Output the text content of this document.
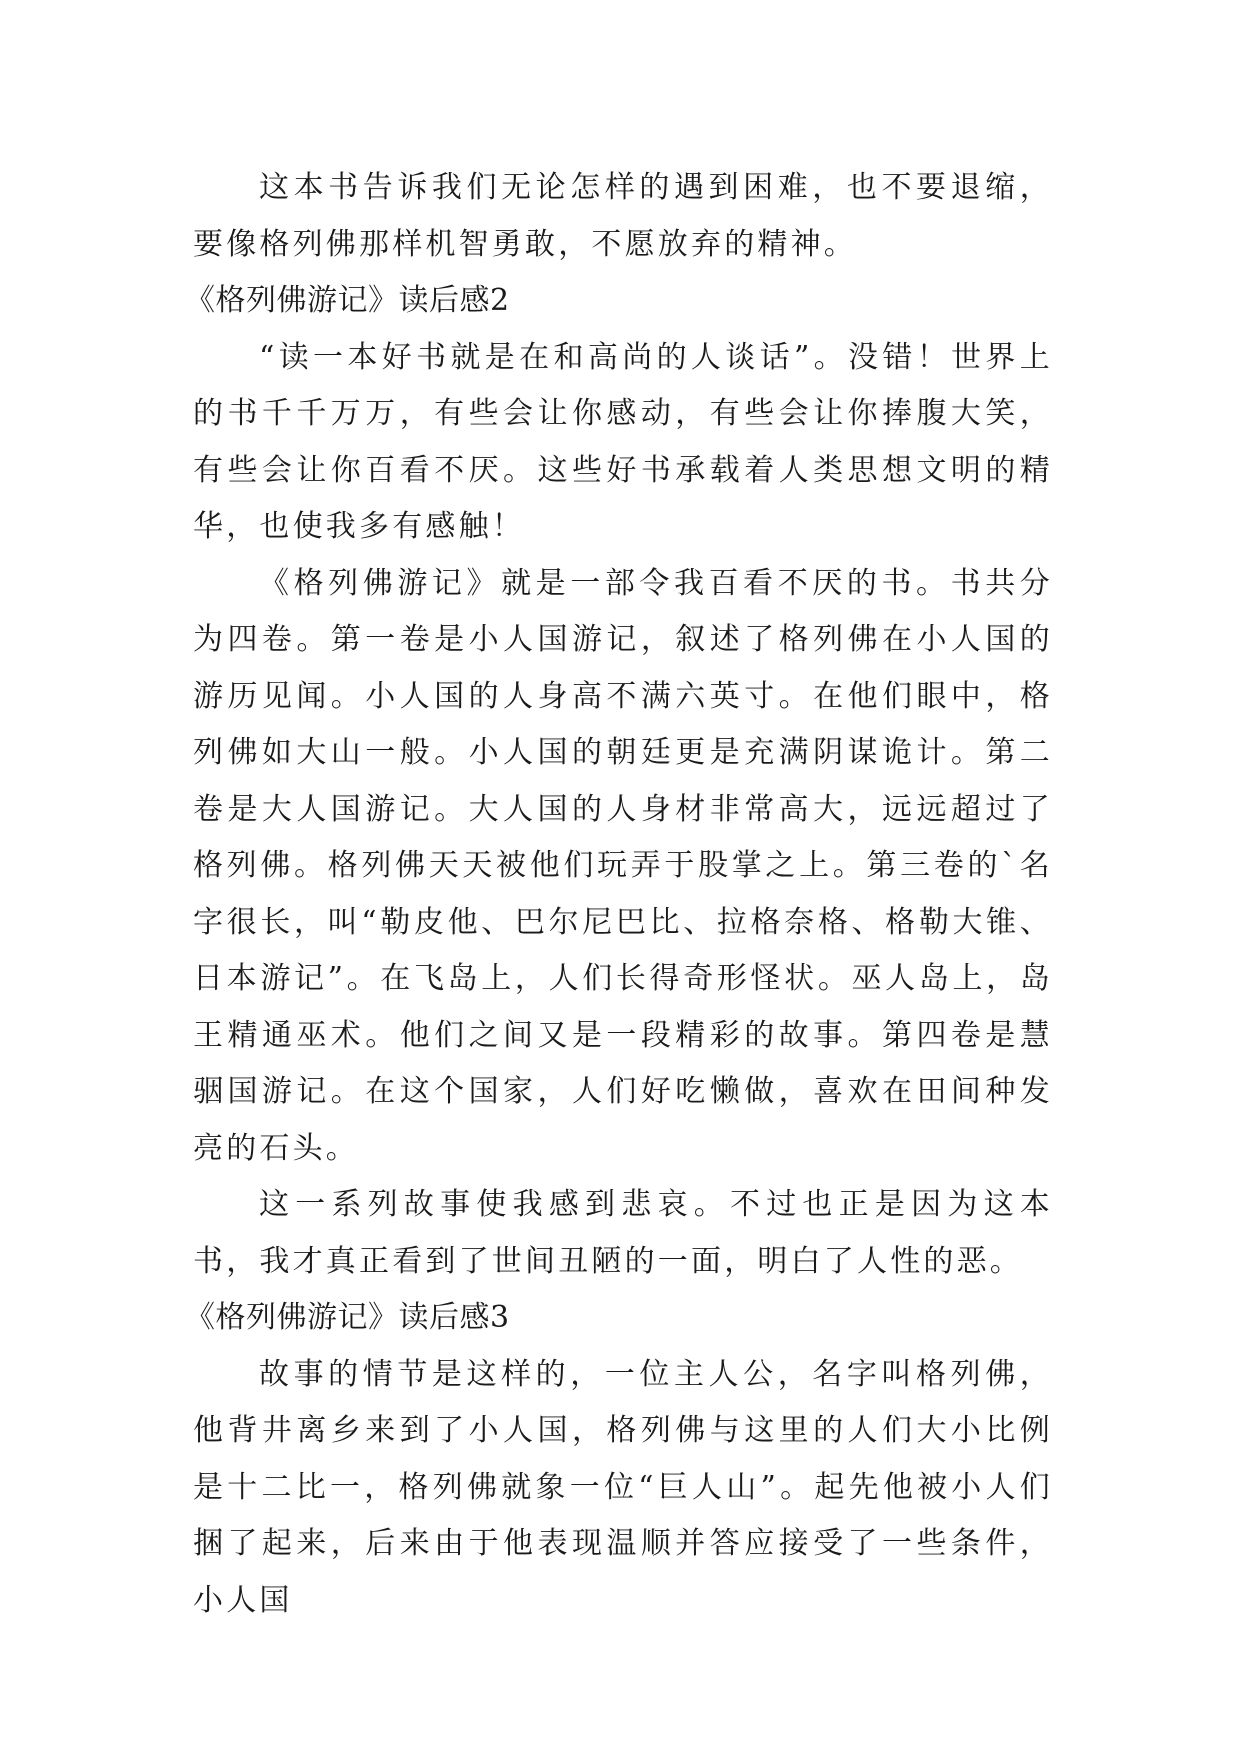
这本书告诉我们无论怎样的遇到困难，也不要退缩，要像格列佛那样机智勇敢，不愿放弃的精神。

《格列佛游记》读后感2

“读一本好书就是在和高尚的人谈话”。没错！世界上的书千千万万，有些会让你感动，有些会让你捧腹大笑，有些会让你百看不厌。这些好书承载着人类思想文明的精华，也使我多有感触！

《格列佛游记》就是一部令我百看不厌的书。书共分为四卷。第一卷是小人国游记，叙述了格列佛在小人国的游历见闻。小人国的人身高不满六英寸。在他们眼中，格列佛如大山一般。小人国的朝廷更是充满阴谋诡计。第二卷是大人国游记。大人国的人身材非常高大，远远超过了格列佛。格列佛天天被他们玩弄于股掌之上。第三卷的`名字很长，叫“勒皮他、巴尔尼巴比、拉格奈格、格勒大锥、日本游记”。在飞岛上，人们长得奇形怪状。巫人岛上，岛王精通巫术。他们之间又是一段精彩的故事。第四卷是慧骃国游记。在这个国家，人们好吃懒做，喜欢在田间种发亮的石头。

这一系列故事使我感到悲哀。不过也正是因为这本书，我才真正看到了世间丑陋的一面，明白了人性的恶。

《格列佛游记》读后感3

故事的情节是这样的，一位主人公，名字叫格列佛，他背井离乡来到了小人国，格列佛与这里的人们大小比例是十二比一，格列佛就象一位“巨人山”。起先他被小人们捆了起来，后来由于他表现温顺并答应接受了一些条件，小人国
